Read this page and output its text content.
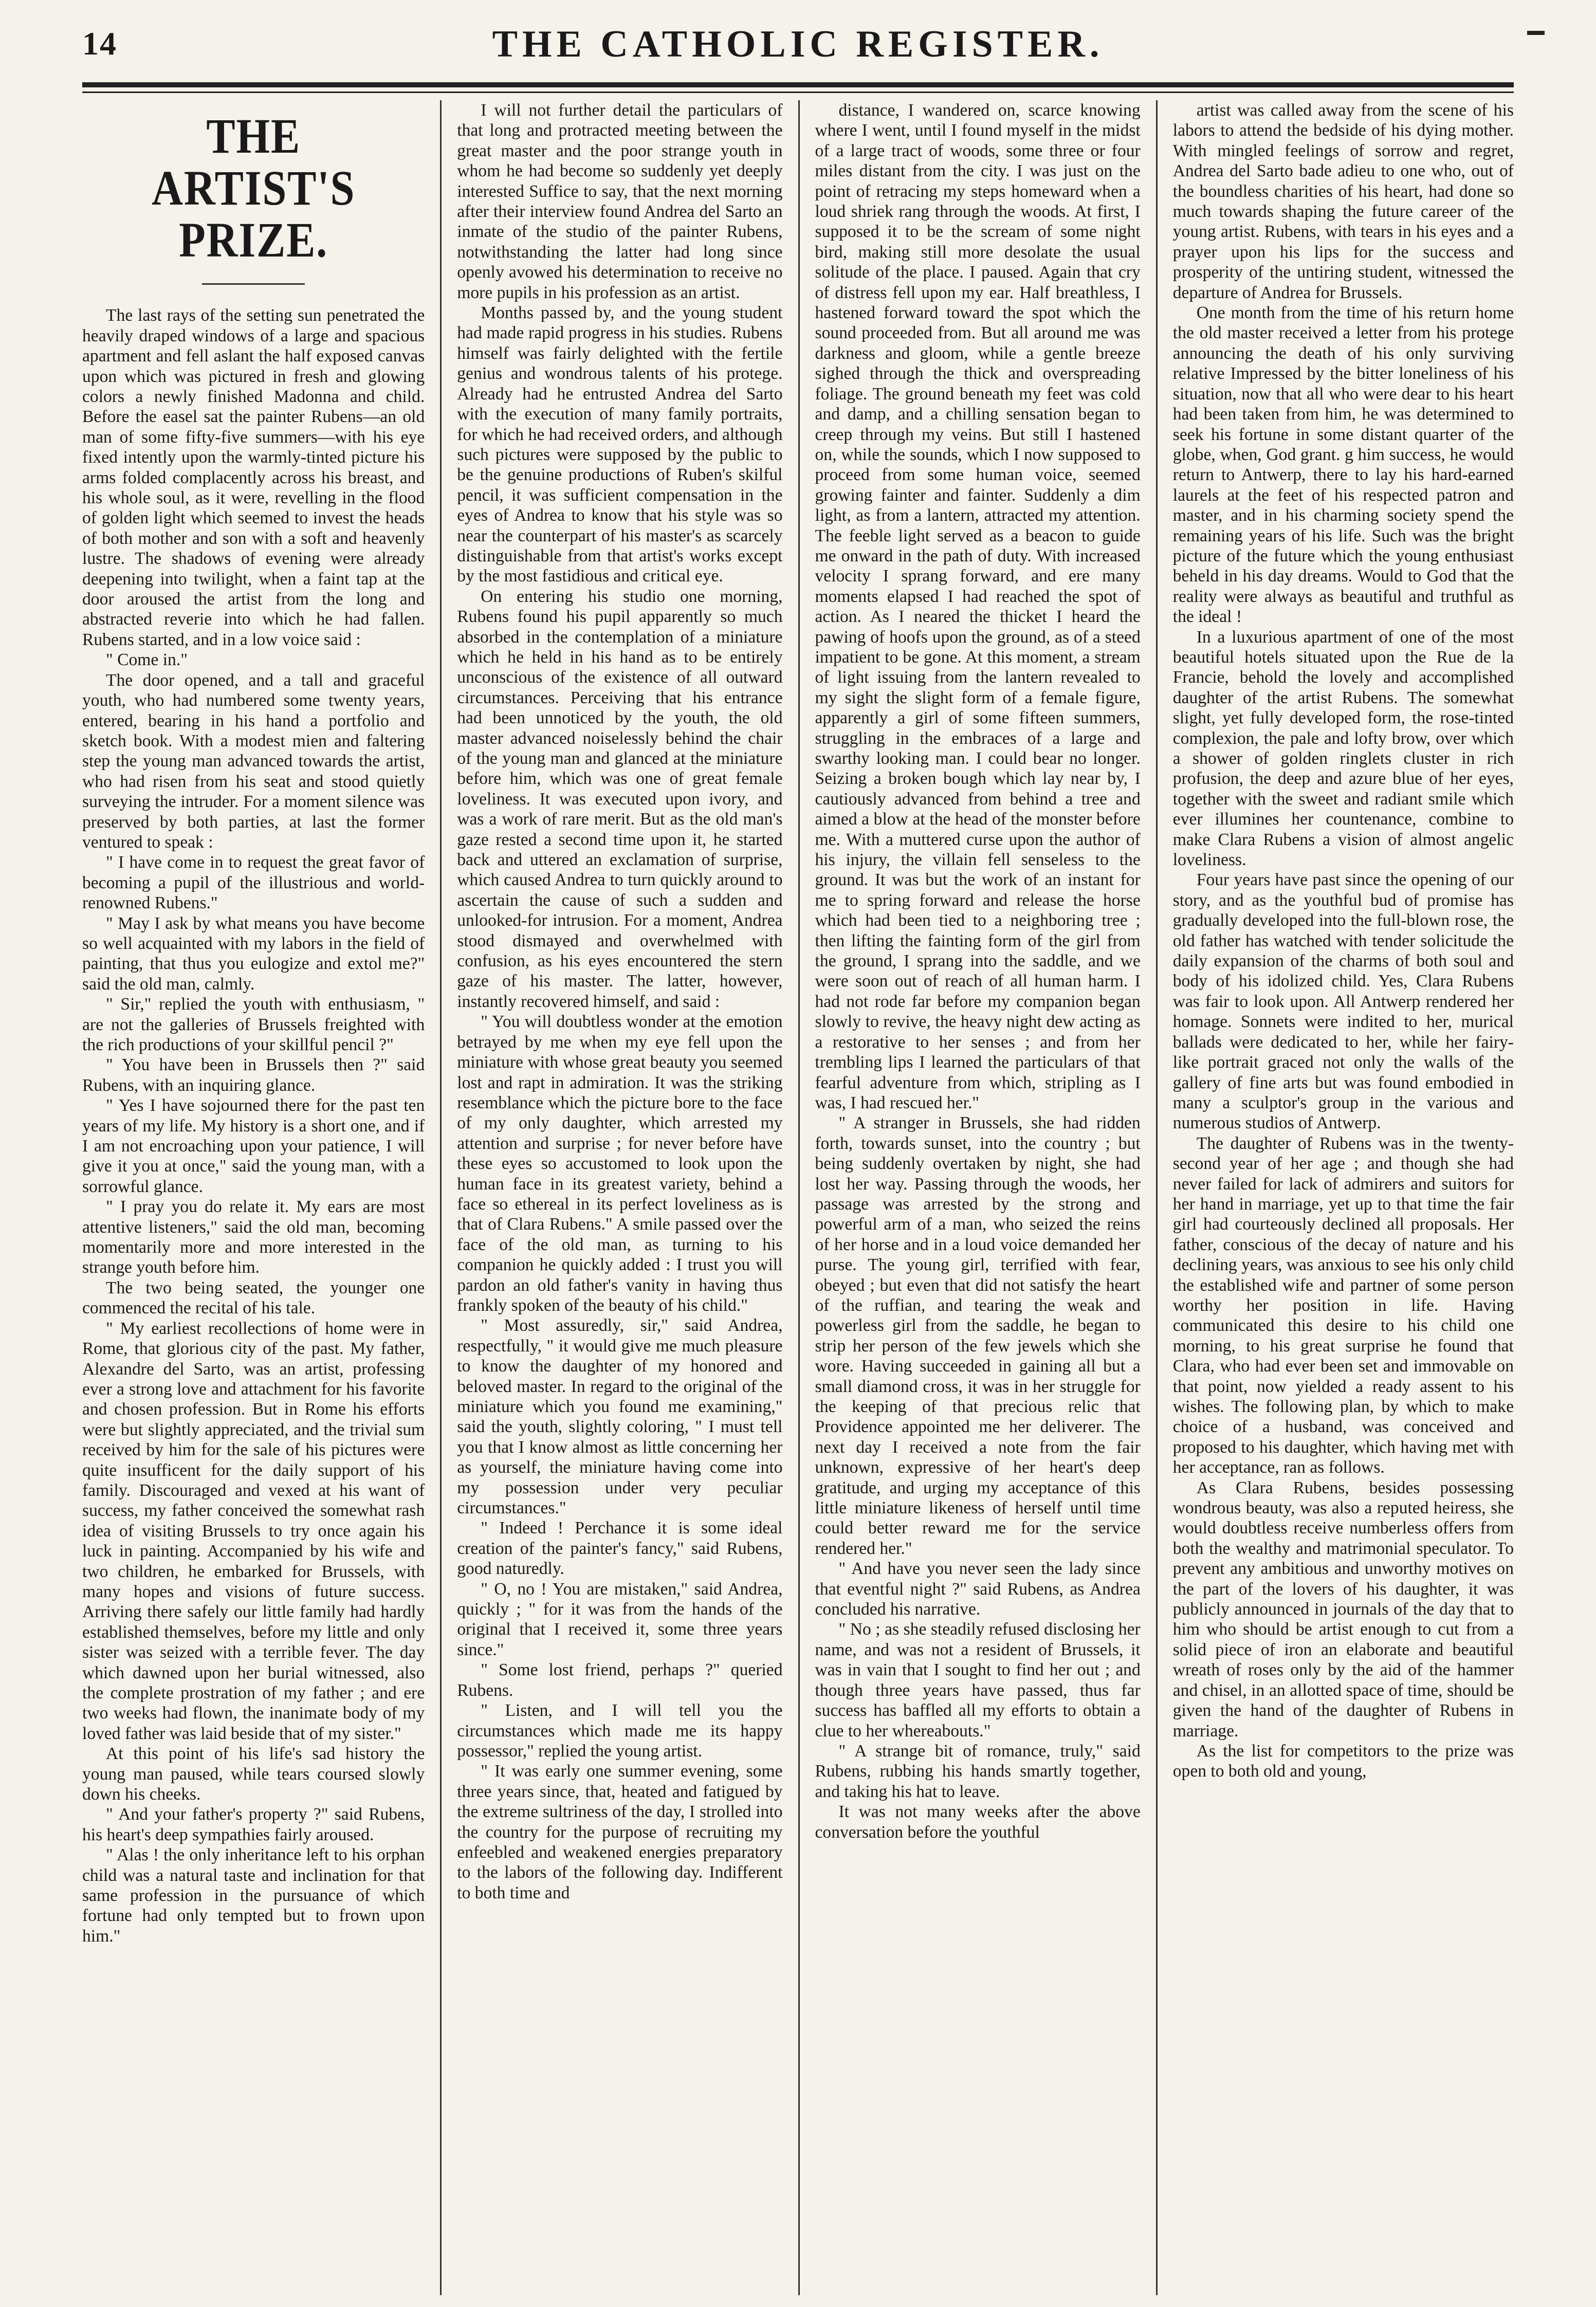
14	THE CATHOLIC REGISTER.
THE ARTIST'S PRIZE.

The last rays of the setting sun penetrated the heavily draped windows of a large and spacious apartment and fell aslant the half exposed canvas upon which was pictured in fresh and glowing colors a newly finished Madonna and child. Before the easel sat the painter Rubens—an old man of some fifty-five summers—with his eye fixed intently upon the warmly-tinted picture his arms folded complacently across his breast, and his whole soul, as it were, revelling in the flood of golden light which seemed to invest the heads of both mother and son with a soft and heavenly lustre. The shadows of evening were already deepening into twilight, when a faint tap at the door aroused the artist from the long and abstracted reverie into which he had fallen. Rubens started, and in a low voice said :

" Come in."

The door opened, and a tall and graceful youth, who had numbered some twenty years, entered, bearing in his hand a portfolio and sketch book. With a modest mien and faltering step the young man advanced towards the artist, who had risen from his seat and stood quietly surveying the intruder. For a moment silence was preserved by both parties, at last the former ventured to speak :

" I have come in to request the great favor of becoming a pupil of the illustrious and world-renowned Rubens."

" May I ask by what means you have become so well acquainted with my labors in the field of painting, that thus you eulogize and extol me?" said the old man, calmly.

" Sir," replied the youth with enthusiasm, " are not the galleries of Brussels freighted with the rich productions of your skillful pencil ?"

" You have been in Brussels then ?" said Rubens, with an inquiring glance.

" Yes I have sojourned there for the past ten years of my life. My history is a short one, and if I am not encroaching upon your patience, I will give it you at once," said the young man, with a sorrowful glance.

" I pray you do relate it. My ears are most attentive listeners," said the old man, becoming momentarily more and more interested in the strange youth before him.

The two being seated, the younger one commenced the recital of his tale.

" My earliest recollections of home were in Rome, that glorious city of the past. My father, Alexandre del Sarto, was an artist, professing ever a strong love and attachment for his favorite and chosen profession. But in Rome his efforts were but slightly appreciated, and the trivial sum received by him for the sale of his pictures were quite insufficent for the daily support of his family. Discouraged and vexed at his want of success, my father conceived the somewhat rash idea of visiting Brussels to try once again his luck in painting. Accompanied by his wife and two children, he embarked for Brussels, with many hopes and visions of future success. Arriving there safely our little family had hardly established themselves, before my little and only sister was seized with a terrible fever. The day which dawned upon her burial witnessed, also the complete prostration of my father ; and ere two weeks had flown, the inanimate body of my loved father was laid beside that of my sister."

At this point of his life's sad history the young man paused, while tears coursed slowly down his cheeks.

" And your father's property ?" said Rubens, his heart's deep sympathies fairly aroused.

" Alas ! the only inheritance left to his orphan child was a natural taste and inclination for that same profession in the pursuance of which fortune had only tempted but to frown upon him."

I will not further detail the particulars of that long and protracted meeting between the great master and the poor strange youth in whom he had become so suddenly yet deeply interested Suffice to say, that the next morning after their interview found Andrea del Sarto an inmate of the studio of the painter Rubens, notwithstanding the latter had long since openly avowed his determination to receive no more pupils in his profession as an artist.

Months passed by, and the young student had made rapid progress in his studies. Rubens himself was fairly delighted with the fertile genius and wondrous talents of his protege. Already had he entrusted Andrea del Sarto with the execution of many family portraits, for which he had received orders, and although such pictures were supposed by the public to be the genuine productions of Ruben's skilful pencil, it was sufficient compensation in the eyes of Andrea to know that his style was so near the counterpart of his master's as scarcely distinguishable from that artist's works except by the most fastidious and critical eye.

On entering his studio one morning, Rubens found his pupil apparently so much absorbed in the contemplation of a miniature which he held in his hand as to be entirely unconscious of the existence of all outward circumstances. Perceiving that his entrance had been unnoticed by the youth, the old master advanced noiselessly behind the chair of the young man and glanced at the miniature before him, which was one of great female loveliness. It was executed upon ivory, and was a work of rare merit. But as the old man's gaze rested a second time upon it, he started back and uttered an exclamation of surprise, which caused Andrea to turn quickly around to ascertain the cause of such a sudden and unlooked-for intrusion. For a moment, Andrea stood dismayed and overwhelmed with confusion, as his eyes encountered the stern gaze of his master. The latter, however, instantly recovered himself, and said :

" You will doubtless wonder at the emotion betrayed by me when my eye fell upon the miniature with whose great beauty you seemed lost and rapt in admiration. It was the striking resemblance which the picture bore to the face of my only daughter, which arrested my attention and surprise ; for never before have these eyes so accustomed to look upon the human face in its greatest variety, behind a face so ethereal in its perfect loveliness as is that of Clara Rubens." A smile passed over the face of the old man, as turning to his companion he quickly added : I trust you will pardon an old father's vanity in having thus frankly spoken of the beauty of his child."

" Most assuredly, sir," said Andrea, respectfully, " it would give me much pleasure to know the daughter of my honored and beloved master. In regard to the original of the miniature which you found me examining," said the youth, slightly coloring, " I must tell you that I know almost as little concerning her as yourself, the miniature having come into my possession under very peculiar circumstances."

" Indeed ! Perchance it is some ideal creation of the painter's fancy," said Rubens, good naturedly.

" O, no ! You are mistaken," said Andrea, quickly ; " for it was from the hands of the original that I received it, some three years since."

" Some lost friend, perhaps ?" queried Rubens.

" Listen, and I will tell you the circumstances which made me its happy possessor," replied the young artist.

" It was early one summer evening, some three years since, that, heated and fatigued by the extreme sultriness of the day, I strolled into the country for the purpose of recruiting my enfeebled and weakened energies preparatory to the labors of the following day. Indifferent to both time and

distance, I wandered on, scarce knowing where I went, until I found myself in the midst of a large tract of woods, some three or four miles distant from the city. I was just on the point of retracing my steps homeward when a loud shriek rang through the woods. At first, I supposed it to be the scream of some night bird, making still more desolate the usual solitude of the place. I paused. Again that cry of distress fell upon my ear. Half breathless, I hastened forward toward the spot which the sound proceeded from. But all around me was darkness and gloom, while a gentle breeze sighed through the thick and overspreading foliage. The ground beneath my feet was cold and damp, and a chilling sensation began to creep through my veins. But still I hastened on, while the sounds, which I now supposed to proceed from some human voice, seemed growing fainter and fainter. Suddenly a dim light, as from a lantern, attracted my attention. The feeble light served as a beacon to guide me onward in the path of duty. With increased velocity I sprang forward, and ere many moments elapsed I had reached the spot of action. As I neared the thicket I heard the pawing of hoofs upon the ground, as of a steed impatient to be gone. At this moment, a stream of light issuing from the lantern revealed to my sight the slight form of a female figure, apparently a girl of some fifteen summers, struggling in the embraces of a large and swarthy looking man. I could bear no longer. Seizing a broken bough which lay near by, I cautiously advanced from behind a tree and aimed a blow at the head of the monster before me. With a muttered curse upon the author of his injury, the villain fell senseless to the ground. It was but the work of an instant for me to spring forward and release the horse which had been tied to a neighboring tree ; then lifting the fainting form of the girl from the ground, I sprang into the saddle, and we were soon out of reach of all human harm. I had not rode far before my companion began slowly to revive, the heavy night dew acting as a restorative to her senses ; and from her trembling lips I learned the particulars of that fearful adventure from which, stripling as I was, I had rescued her."

" A stranger in Brussels, she had ridden forth, towards sunset, into the country ; but being suddenly overtaken by night, she had lost her way. Passing through the woods, her passage was arrested by the strong and powerful arm of a man, who seized the reins of her horse and in a loud voice demanded her purse. The young girl, terrified with fear, obeyed ; but even that did not satisfy the heart of the ruffian, and tearing the weak and powerless girl from the saddle, he began to strip her person of the few jewels which she wore. Having succeeded in gaining all but a small diamond cross, it was in her struggle for the keeping of that precious relic that Providence appointed me her deliverer. The next day I received a note from the fair unknown, expressive of her heart's deep gratitude, and urging my acceptance of this little miniature likeness of herself until time could better reward me for the service rendered her."

" And have you never seen the lady since that eventful night ?" said Rubens, as Andrea concluded his narrative.

" No ; as she steadily refused disclosing her name, and was not a resident of Brussels, it was in vain that I sought to find her out ; and though three years have passed, thus far success has baffled all my efforts to obtain a clue to her whereabouts."

" A strange bit of romance, truly," said Rubens, rubbing his hands smartly together, and taking his hat to leave.

It was not many weeks after the above conversation before the youthful

artist was called away from the scene of his labors to attend the bedside of his dying mother. With mingled feelings of sorrow and regret, Andrea del Sarto bade adieu to one who, out of the boundless charities of his heart, had done so much towards shaping the future career of the young artist. Rubens, with tears in his eyes and a prayer upon his lips for the success and prosperity of the untiring student, witnessed the departure of Andrea for Brussels.

One month from the time of his return home the old master received a letter from his protege announcing the death of his only surviving relative Impressed by the bitter loneliness of his situation, now that all who were dear to his heart had been taken from him, he was determined to seek his fortune in some distant quarter of the globe, when, God grant. g him success, he would return to Antwerp, there to lay his hard-earned laurels at the feet of his respected patron and master, and in his charming society spend the remaining years of his life. Such was the bright picture of the future which the young enthusiast beheld in his day dreams. Would to God that the reality were always as beautiful and truthful as the ideal !

In a luxurious apartment of one of the most beautiful hotels situated upon the Rue de la Francie, behold the lovely and accomplished daughter of the artist Rubens. The somewhat slight, yet fully developed form, the rose-tinted complexion, the pale and lofty brow, over which a shower of golden ringlets cluster in rich profusion, the deep and azure blue of her eyes, together with the sweet and radiant smile which ever illumines her countenance, combine to make Clara Rubens a vision of almost angelic loveliness.

Four years have past since the opening of our story, and as the youthful bud of promise has gradually developed into the full-blown rose, the old father has watched with tender solicitude the daily expansion of the charms of both soul and body of his idolized child. Yes, Clara Rubens was fair to look upon. All Antwerp rendered her homage. Sonnets were indited to her, murical ballads were dedicated to her, while her fairy-like portrait graced not only the walls of the gallery of fine arts but was found embodied in many a sculptor's group in the various and numerous studios of Antwerp.

The daughter of Rubens was in the twenty-second year of her age ; and though she had never failed for lack of admirers and suitors for her hand in marriage, yet up to that time the fair girl had courteously declined all proposals. Her father, conscious of the decay of nature and his declining years, was anxious to see his only child the established wife and partner of some person worthy her position in life. Having communicated this desire to his child one morning, to his great surprise he found that Clara, who had ever been set and immovable on that point, now yielded a ready assent to his wishes. The following plan, by which to make choice of a husband, was conceived and proposed to his daughter, which having met with her acceptance, ran as follows.

As Clara Rubens, besides possessing wondrous beauty, was also a reputed heiress, she would doubtless receive numberless offers from both the wealthy and matrimonial speculator. To prevent any ambitious and unworthy motives on the part of the lovers of his daughter, it was publicly announced in journals of the day that to him who should be artist enough to cut from a solid piece of iron an elaborate and beautiful wreath of roses only by the aid of the hammer and chisel, in an allotted space of time, should be given the hand of the daughter of Rubens in marriage.

As the list for competitors to the prize was open to both old and young,
